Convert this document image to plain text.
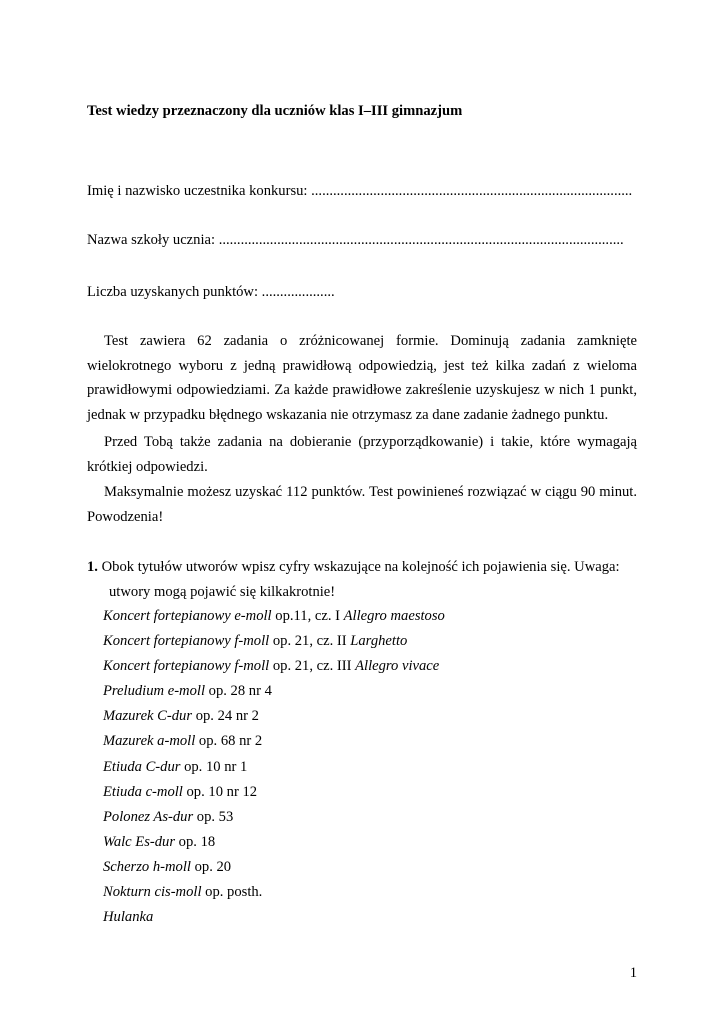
Test wiedzy przeznaczony dla uczniów klas I–III gimnazjum
Imię i nazwisko uczestnika konkursu: ........................................................................................
Nazwa szkoły ucznia: ...............................................................................................................
Liczba uzyskanych punktów: ....................
Test zawiera 62 zadania o zróżnicowanej formie. Dominują zadania zamknięte wielokrotnego wyboru z jedną prawidłową odpowiedzią, jest też kilka zadań z wieloma prawidłowymi odpowiedziami. Za każde prawidłowe zakreślenie uzyskujesz w nich 1 punkt, jednak w przypadku błędnego wskazania nie otrzymasz za dane zadanie żadnego punktu.
Przed Tobą także zadania na dobieranie (przyporządkowanie) i takie, które wymagają krótkiej odpowiedzi.
Maksymalnie możesz uzyskać 112 punktów. Test powinieneś rozwiązać w ciągu 90 minut. Powodzenia!
1. Obok tytułów utworów wpisz cyfry wskazujące na kolejność ich pojawienia się. Uwaga:
utwory mogą pojawić się kilkakrotnie!
Koncert fortepianowy e-moll op.11, cz. I Allegro maestoso
Koncert fortepianowy f-moll op. 21, cz. II Larghetto
Koncert fortepianowy f-moll op. 21, cz. III Allegro vivace
Preludium e-moll op. 28 nr 4
Mazurek C-dur op. 24 nr 2
Mazurek a-moll op. 68 nr 2
Etiuda C-dur op. 10 nr 1
Etiuda c-moll op. 10 nr 12
Polonez As-dur op. 53
Walc Es-dur op. 18
Scherzo h-moll op. 20
Nokturn cis-moll op. posth.
Hulanka
1
